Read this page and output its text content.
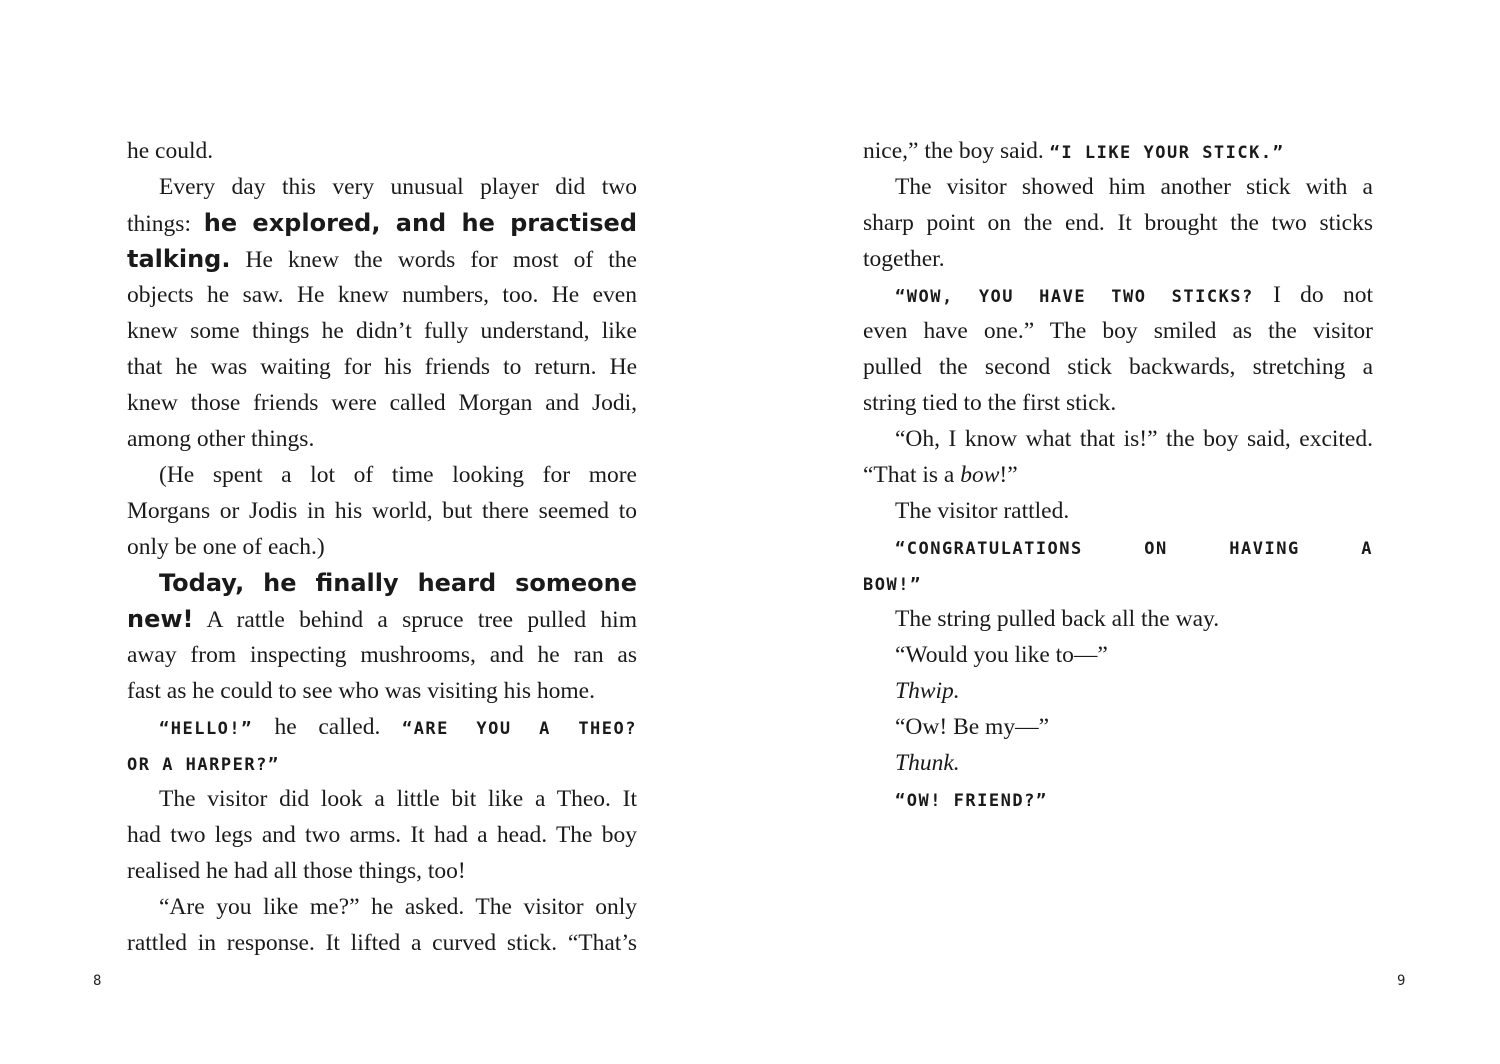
he could.
Every day this very unusual player did two
things: he explored, and he practised
talking. He knew the words for most of the
objects he saw. He knew numbers, too. He even
knew some things he didn’t fully understand, like
that he was waiting for his friends to return. He
knew those friends were called Morgan and Jodi,
among other things.
(He spent a lot of time looking for more
Morgans or Jodis in his world, but there seemed to
only be one of each.)
Today, he finally heard someone
new! A rattle behind a spruce tree pulled him
away from inspecting mushrooms, and he ran as
fast as he could to see who was visiting his home.
“HELLO!” he called. “ARE YOU A THEO?
OR A HARPER?”
The visitor did look a little bit like a Theo. It
had two legs and two arms. It had a head. The boy
realised he had all those things, too!
“Are you like me?” he asked. The visitor only
rattled in response. It lifted a curved stick. “That’s
nice,” the boy said. “I LIKE YOUR STICK.”
The visitor showed him another stick with a
sharp point on the end. It brought the two sticks
together.
“WOW, YOU HAVE TWO STICKS? I do not
even have one.” The boy smiled as the visitor
pulled the second stick backwards, stretching a
string tied to the first stick.
“Oh, I know what that is!” the boy said, excited.
“That is a bow!”
The visitor rattled.
“CONGRATULATIONS ON HAVING A
BOW!”
The string pulled back all the way.
“Would you like to—”
Thwip.
“Ow! Be my—”
Thunk.
“OW! FRIEND?”
8	9
